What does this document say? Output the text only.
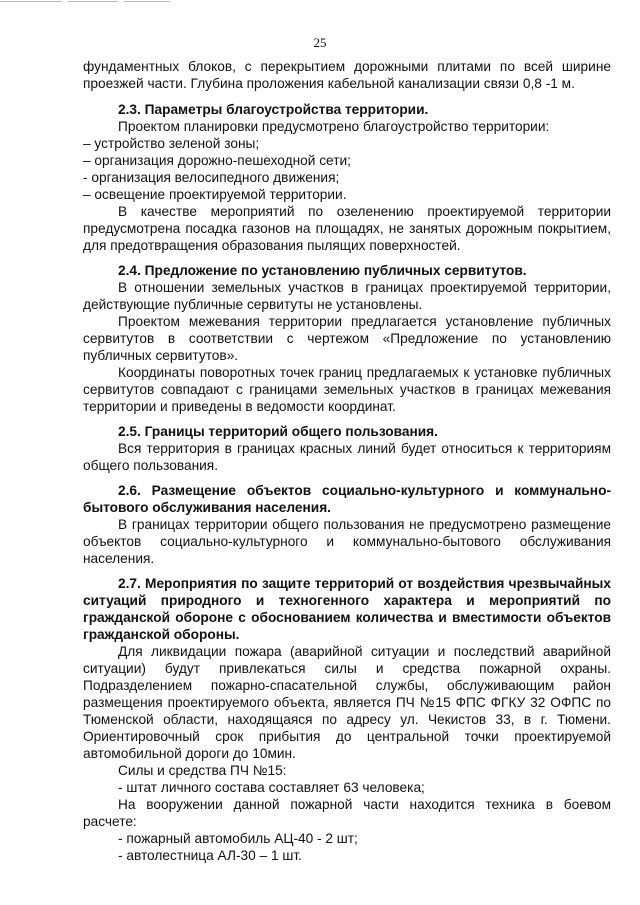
25

фундаментных блоков, с перекрытием дорожными плитами по всей ширине проезжей части. Глубина проложения кабельной канализации связи 0,8 -1 м.

2.3. Параметры благоустройства территории.

Проектом планировки предусмотрено благоустройство территории:

– устройство зеленой зоны;

– организация дорожно-пешеходной сети;

- организация велосипедного движения;

– освещение проектируемой территории.

В качестве мероприятий по озеленению проектируемой территории предусмотрена посадка газонов на площадях, не занятых дорожным покрытием, для предотвращения образования пылящих поверхностей.

2.4. Предложение по установлению публичных сервитутов.

В отношении земельных участков в границах проектируемой территории, действующие публичные сервитуты не установлены.

Проектом межевания территории предлагается установление публичных сервитутов в соответствии с чертежом «Предложение по установлению публичных сервитутов».

Координаты поворотных точек границ предлагаемых к установке публичных сервитутов совпадают с границами земельных участков в границах межевания территории и приведены в ведомости координат.

2.5. Границы территорий общего пользования.

Вся территория в границах красных линий будет относиться к территориям общего пользования.

2.6. Размещение объектов социально-культурного и коммунально-бытового обслуживания населения.

В границах территории общего пользования не предусмотрено размещение объектов социально-культурного и коммунально-бытового обслуживания населения.

2.7. Мероприятия по защите территорий от воздействия чрезвычайных ситуаций природного и техногенного характера и мероприятий по гражданской обороне с обоснованием количества и вместимости объектов гражданской обороны.

Для ликвидации пожара (аварийной ситуации и последствий аварийной ситуации) будут привлекаться силы и средства пожарной охраны. Подразделением пожарно-спасательной службы, обслуживающим район размещения проектируемого объекта, является ПЧ №15 ФПС ФГКУ 32 ОФПС по Тюменской области, находящаяся по адресу ул. Чекистов 33, в г. Тюмени. Ориентировочный срок прибытия до центральной точки проектируемой автомобильной дороги до 10мин.

Силы и средства ПЧ №15:

- штат личного состава составляет 63 человека;

На вооружении данной пожарной части находится техника в боевом расчете:

- пожарный автомобиль АЦ-40 - 2 шт;

- автолестница АЛ-30 – 1 шт.
